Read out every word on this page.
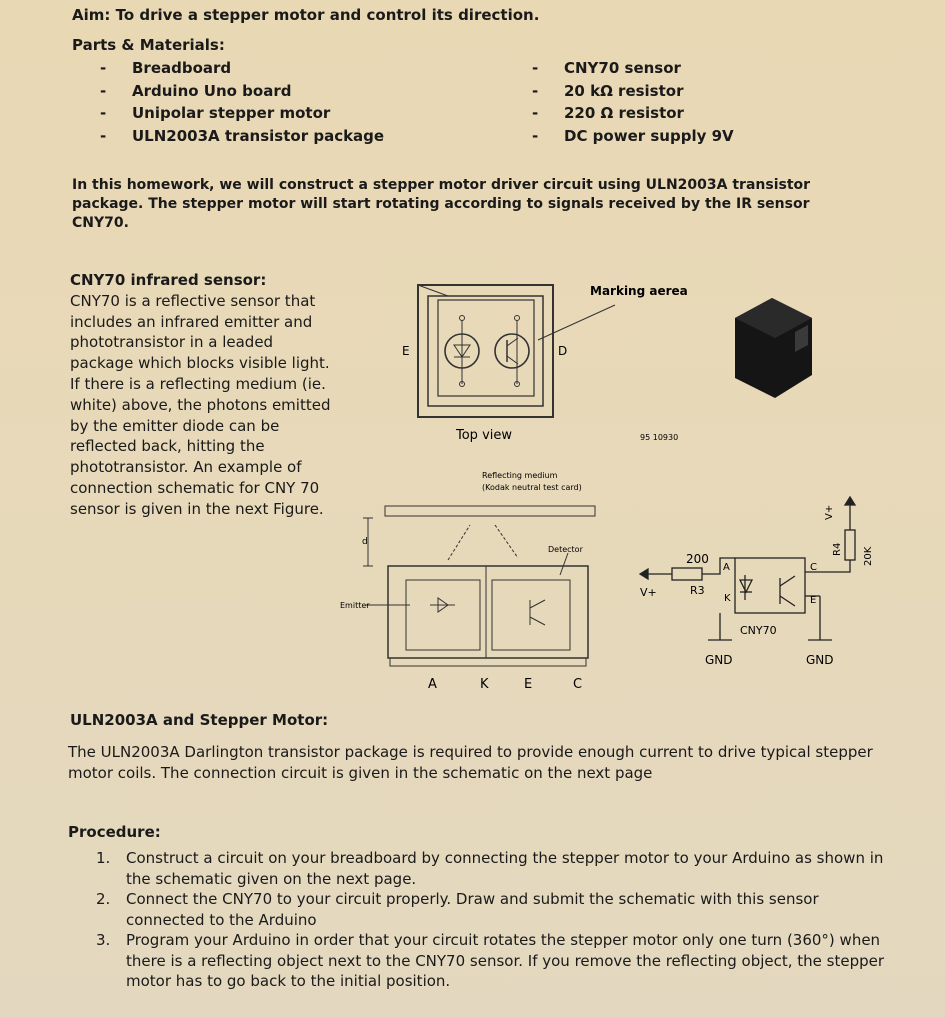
Aim: To drive a stepper motor and control its direction.
Parts & Materials:
- Breadboard
- Arduino Uno board
- Unipolar stepper motor
- ULN2003A transistor package
- CNY70 sensor
- 20 kΩ resistor
- 220 Ω resistor
- DC power supply 9V
In this homework, we will construct a stepper motor driver circuit using ULN2003A transistor package. The stepper motor will start rotating according to signals received by the IR sensor CNY70.
CNY70 infrared sensor:
CNY70 is a reflective sensor that includes an infrared emitter and phototransistor in a leaded package which blocks visible light. If there is a reflecting medium (ie. white) above, the photons emitted by the emitter diode can be reflected back, hitting the phototransistor. An example of connection schematic for CNY 70 sensor is given in the next Figure.
E	D
Marking aerea
Top view	95 10930
Reflecting medium
(Kodak neutral test card)
Detector
Emitter
d
A	K	E	C
V+
200
R3
A
K
C
E
CNY70
GND	GND
R4 20K
V+
ULN2003A and Stepper Motor:
The ULN2003A Darlington transistor package is required to provide enough current to drive typical stepper motor coils. The connection circuit is given in the schematic on the next page
Procedure:
1. Construct a circuit on your breadboard by connecting the stepper motor to your Arduino as shown in the schematic given on the next page.
2. Connect the CNY70 to your circuit properly. Draw and submit the schematic with this sensor connected to the Arduino
3. Program your Arduino in order that your circuit rotates the stepper motor only one turn (360°) when there is a reflecting object next to the CNY70 sensor. If you remove the reflecting object, the stepper motor has to go back to the initial position.
